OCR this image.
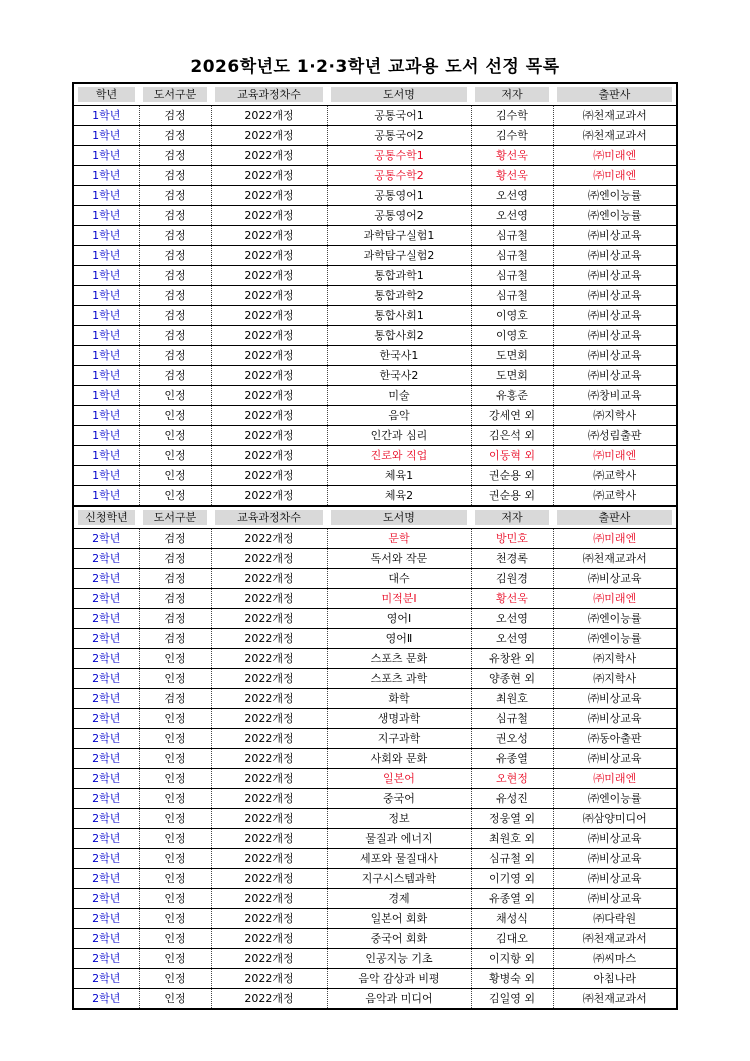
2026학년도 1·2·3학년 교과용 도서 선정 목록
학년	도서구분	교육과정차수	도서명	저자	출판사

1학년	검정	2022개정	공통국어1	김수학	㈜천재교과서
1학년	검정	2022개정	공통국어2	김수학	㈜천재교과서
1학년	검정	2022개정	공통수학1	황선욱	㈜미래엔
1학년	검정	2022개정	공통수학2	황선욱	㈜미래엔
1학년	검정	2022개정	공통영어1	오선영	㈜엔이능률
1학년	검정	2022개정	공통영어2	오선영	㈜엔이능률
1학년	검정	2022개정	과학탐구실험1	심규철	㈜비상교육
1학년	검정	2022개정	과학탐구실험2	심규철	㈜비상교육
1학년	검정	2022개정	통합과학1	심규철	㈜비상교육
1학년	검정	2022개정	통합과학2	심규철	㈜비상교육
1학년	검정	2022개정	통합사회1	이영호	㈜비상교육
1학년	검정	2022개정	통합사회2	이영호	㈜비상교육
1학년	검정	2022개정	한국사1	도면회	㈜비상교육
1학년	검정	2022개정	한국사2	도면회	㈜비상교육
1학년	인정	2022개정	미술	유홍준	㈜창비교육
1학년	인정	2022개정	음악	강세연 외	㈜지학사
1학년	인정	2022개정	인간과 심리	김은석 외	㈜성림출판
1학년	인정	2022개정	진로와 직업	이동혁 외	㈜미래엔
1학년	인정	2022개정	체육1	권순용 외	㈜교학사
1학년	인정	2022개정	체육2	권순용 외	㈜교학사

신청학년	도서구분	교육과정차수	도서명	저자	출판사

2학년	검정	2022개정	문학	방민호	㈜미래엔
2학년	검정	2022개정	독서와 작문	천경록	㈜천재교과서
2학년	검정	2022개정	대수	김원경	㈜비상교육
2학년	검정	2022개정	미적분Ⅰ	황선욱	㈜미래엔
2학년	검정	2022개정	영어Ⅰ	오선영	㈜엔이능률
2학년	검정	2022개정	영어Ⅱ	오선영	㈜엔이능률
2학년	인정	2022개정	스포츠 문화	유창완 외	㈜지학사
2학년	인정	2022개정	스포츠 과학	양종현 외	㈜지학사
2학년	검정	2022개정	화학	최원호	㈜비상교육
2학년	인정	2022개정	생명과학	심규철	㈜비상교육
2학년	인정	2022개정	지구과학	권오성	㈜동아출판
2학년	인정	2022개정	사회와 문화	유종열	㈜비상교육
2학년	인정	2022개정	일본어	오현정	㈜미래엔
2학년	인정	2022개정	중국어	유성진	㈜엔이능률
2학년	인정	2022개정	정보	정웅열 외	㈜삼양미디어
2학년	인정	2022개정	물질과 에너지	최원호 외	㈜비상교육
2학년	인정	2022개정	세포와 물질대사	심규철 외	㈜비상교육
2학년	인정	2022개정	지구시스템과학	이기영 외	㈜비상교육
2학년	인정	2022개정	경제	유종열 외	㈜비상교육
2학년	인정	2022개정	일본어 회화	채성식	㈜다락원
2학년	인정	2022개정	중국어 회화	김대오	㈜천재교과서
2학년	인정	2022개정	인공지능 기초	이지항 외	㈜씨마스
2학년	인정	2022개정	음악 감상과 비평	황병숙 외	아침나라
2학년	인정	2022개정	음악과 미디어	김일영 외	㈜천재교과서
